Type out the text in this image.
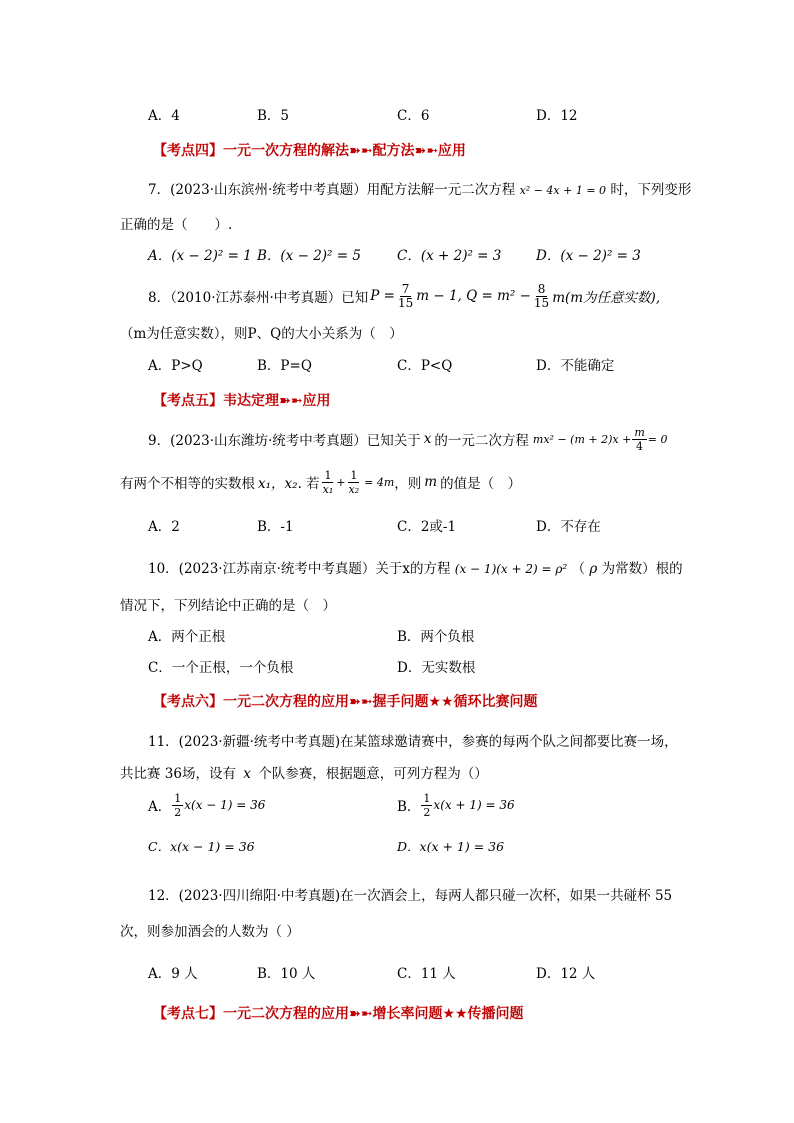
A．4	B．5	C．6	D．12
【考点四】一元一次方程的解法➽➼配方法➽➼应用
7．(2023·山东滨州·统考中考真题）用配方法解一元二次方程 x² − 4x + 1 = 0 时，下列变形
正确的是（　　）.
A．(x − 2)² = 1 B．(x − 2)² = 5	C．(x + 2)² = 3	D．(x − 2)² = 3
8．（2010·江苏泰州·中考真题）已知 $P = \frac{7}{15}$ m − 1, $Q = m^2 - \frac{8}{15} m(m$为任意实数),
（m为任意实数），则P、Q的大小关系为（　）
A．P>Q	B．P=Q	C．P<Q	D．不能确定
【考点五】韦达定理➽➼应用
9．(2023·山东潍坊·统考中考真题）已知关于 x 的一元二次方程 $mx^2 - (m + 2)x + \frac{m}{4} = 0$
有两个不相等的实数根 x₁，x₂ . 若 $\frac{1}{\text{x₁}} + \frac{1}{\text{x₂}} = 4m$ ，则 m 的值是（　）
A．2	B．-1	C．2或-1	D．不存在
10．(2023·江苏南京·统考中考真题）关于x的方程 (x − 1)(x + 2) = ρ² （ ρ 为常数）根的
情况下，下列结论中正确的是（　）
A．两个正根	B．两个负根
C．一个正根，一个负根	D．无实数根
【考点六】一元二次方程的应用➽➼握手问题★★循环比赛问题
11．(2023·新疆·统考中考真题)在某篮球邀请赛中，参赛的每两个队之间都要比赛一场，
共比赛 36场，设有 x 个队参赛，根据题意，可列方程为（）
A． $\frac{1}{2} x(x - 1) = 36$	B． $\frac{1}{2} x(x + 1) = 36$
C．x(x − 1) = 36	D．x(x + 1) = 36
12．(2023·四川绵阳·中考真题)在一次酒会上，每两人都只碰一次杯，如果一共碰杯 55
次，则参加酒会的人数为（ ）
A．9 人	B．10 人	C．11 人	D．12 人
【考点七】一元二次方程的应用➽➼增长率问题★★传播问题
